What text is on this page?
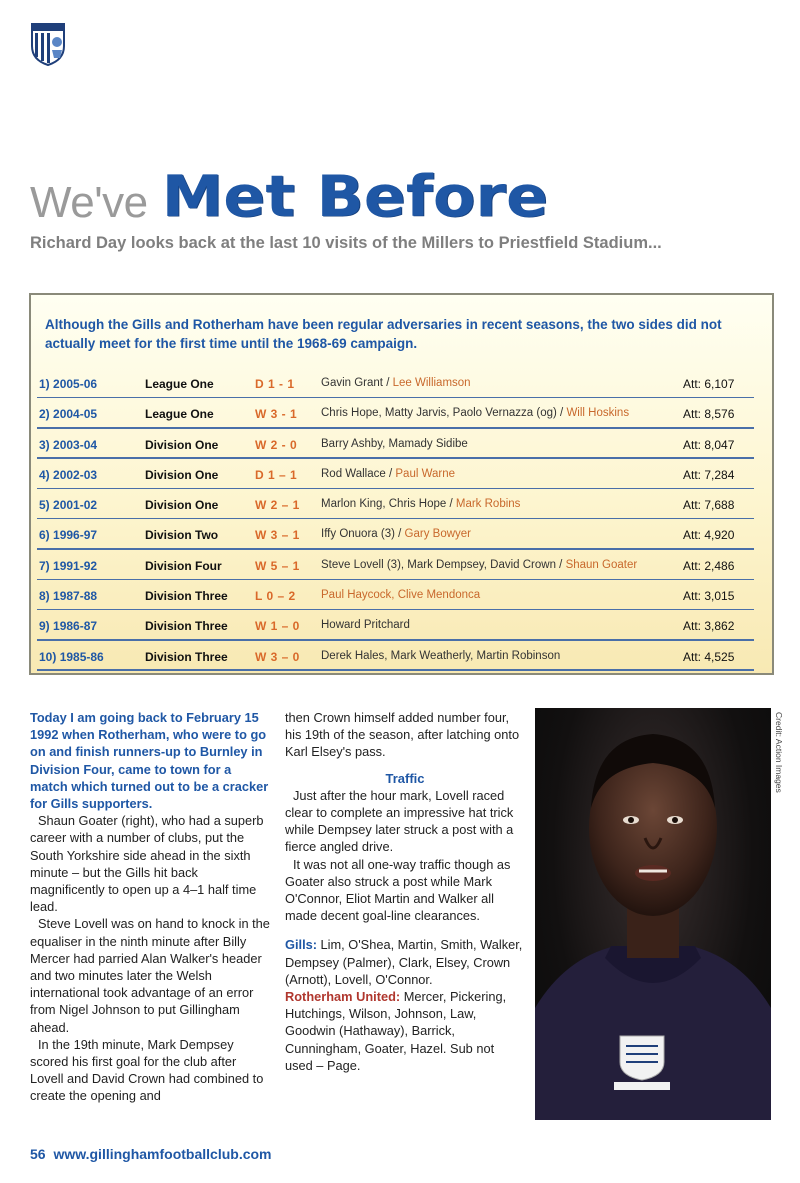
We've Met Before
Richard Day looks back at the last 10 visits of the Millers to Priestfield Stadium...
Although the Gills and Rotherham have been regular adversaries in recent seasons, the two sides did not actually meet for the first time until the 1968-69 campaign.
1) 2005-06	League One	D 1 - 1 Gavin Grant / Lee Williamson	Att: 6,107
2) 2004-05	League One	W 3 - 1 Chris Hope, Matty Jarvis, Paolo Vernazza (og) / Will Hoskins	Att: 8,576
3) 2003-04	Division One	W 2 - 0 Barry Ashby, Mamady Sidibe	Att: 8,047
4) 2002-03	Division One	D 1 – 1 Rod Wallace / Paul Warne	Att: 7,284
5) 2001-02	Division One	W 2 – 1 Marlon King, Chris Hope / Mark Robins	Att: 7,688
6) 1996-97	Division Two	W 3 – 1 Iffy Onuora (3) / Gary Bowyer	Att: 4,920
7) 1991-92	Division Four	W 5 – 1 Steve Lovell (3), Mark Dempsey, David Crown / Shaun Goater	Att: 2,486
8) 1987-88	Division Three L 0 – 2 Paul Haycock, Clive Mendonca	Att: 3,015
9) 1986-87	Division Three W 1 – 0 Howard Pritchard	Att: 3,862
10) 1985-86	Division Three W 3 – 0 Derek Hales, Mark Weatherly, Martin Robinson	Att: 4,525

Today I am going back to February 15 1992 when Rotherham, who were to go on and finish runners-up to Burnley in Division Four, came to town for a match which turned out to be a cracker for Gills supporters.

Shaun Goater (right), who had a superb career with a number of clubs, put the South Yorkshire side ahead in the sixth minute – but the Gills hit back magnificently to open up a 4–1 half time lead.

Steve Lovell was on hand to knock in the equaliser in the ninth minute after Billy Mercer had parried Alan Walker's header and two minutes later the Welsh international took advantage of an error from Nigel Johnson to put Gillingham ahead.

In the 19th minute, Mark Dempsey scored his first goal for the club after Lovell and David Crown had combined to create the opening and

then Crown himself added number four, his 19th of the season, after latching onto Karl Elsey's pass.

Traffic

Just after the hour mark, Lovell raced clear to complete an impressive hat trick while Dempsey later struck a post with a fierce angled drive.

It was not all one-way traffic though as Goater also struck a post while Mark O'Connor, Eliot Martin and Walker all made decent goal-line clearances.

Gills: Lim, O'Shea, Martin, Smith, Walker, Dempsey (Palmer), Clark, Elsey, Crown (Arnott), Lovell, O'Connor.

Rotherham United: Mercer, Pickering, Hutchings, Wilson, Johnson, Law, Goodwin (Hathaway), Barrick, Cunningham, Goater, Hazel. Sub not used – Page.

Credit: Action Images
56 www.gillinghamfootballclub.com
